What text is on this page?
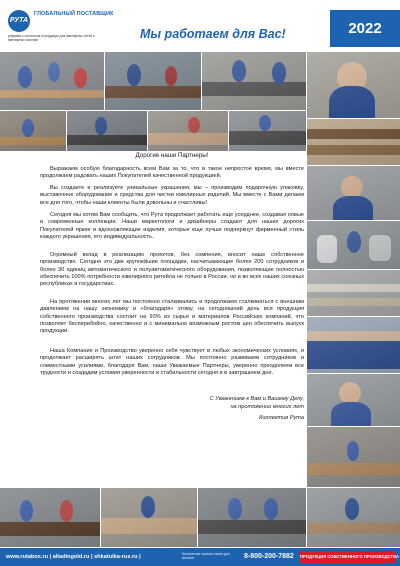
РУТА
ГЛОБАЛЬНЫЙ ПОСТАВЩИК
упаковки с логотипом и продукции для ювелирных сетей и ювелирных салонов	Мы работаем для Вас!	2022
Дорогие наши Партнеры!
Выражаем особую благодарность всем Вам за то, что в такое непростое время, мы вместе продолжаем радовать наших Покупателей качественной продукцией.
Вы создаете и реализуете уникальные украшения, мы – производим подарочную упаковку, выставочное оборудование и средства для чистки ювелирных изделий. Мы вместе с Вами делаем все для того, чтобы наши клиенты были довольны и счастливы!
Сегодня мы хотим Вам сообщить, что Рута продолжает работать еще усерднее, создавая новые и современные коллекции. Наши маркетологи и дизайнеры создают для наших дорогих Покупателей яркие и вдохновляющие изделия, которые еще лучше подчеркнут фирменный стиль каждого украшения, его индивидуальность.
Огромный вклад в реализацию проектов, без сомнения, вносит наше собственное производство. Сегодня это две крупнейшие площадки, насчитывающие более 200 сотрудников и более 30 единиц автоматического и полуавтоматического оборудования, позволяющие полностью обеспечить 100% потребности ювелирного ритейла не только в России, но и во всех наших союзных республиках и государствах.
На протяжении многих лет мы постоянно сталкивались и продолжаем сталкиваться с внешним давлением на нашу экономику и «благодаря» этому, на сегодняшний день вся продукция собственного производства состоит на 93% из сырья и материалов Российских компаний, что позволяет бесперебойно, качественно и с минимально возможным ростом цен обеспечить выпуск продукции.
Наша Компания и Производство уверенно себя чувствует в любых экономических условиях, и продолжает расширять штат наших сотрудников. Мы постоянно развиваем сотрудников и совместными усилиями, благодаря Вам, наши Уважаемые Партнеры, уверенно преодолеем все трудности и создадим условия уверенности и стабильности сегодня и в завтрашнем дне.
С Уважением к Вам и Вашему Делу,
на протяжении многих лет
Коллектив Рута
www.rutabox.ru | alladingold.ru | shkatulka-rus.ru |	Бесплатная горячая линия для звонков	8-800-200-7882 ПРОДУКЦИЯ СОБСТВЕННОГО ПРОИЗВОДСТВА
